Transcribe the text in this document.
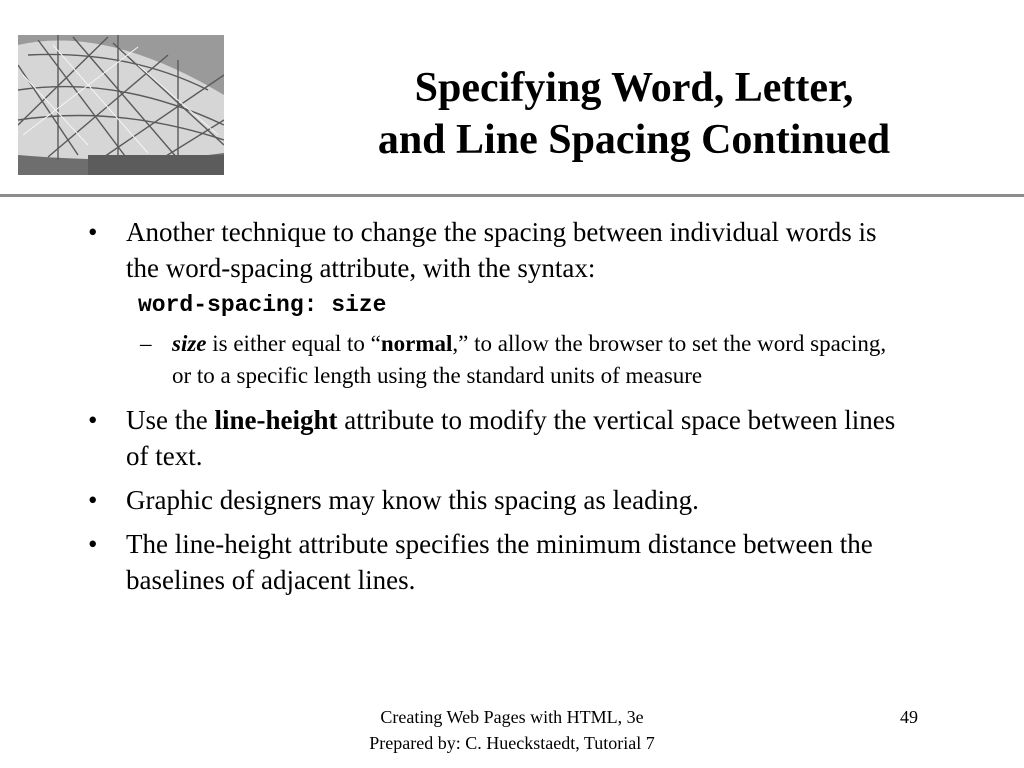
Specifying Word, Letter,
and Line Spacing Continued
• Another technique to change the spacing between individual words is the word-spacing attribute, with the syntax:
word-spacing: size
– size is either equal to “normal,” to allow the browser to set the word spacing, or to a specific length using the standard units of measure
• Use the line-height attribute to modify the vertical space between lines of text.
• Graphic designers may know this spacing as leading.
• The line-height attribute specifies the minimum distance between the baselines of adjacent lines.
Creating Web Pages with HTML, 3e
Prepared by: C. Hueckstaedt, Tutorial 7
49
